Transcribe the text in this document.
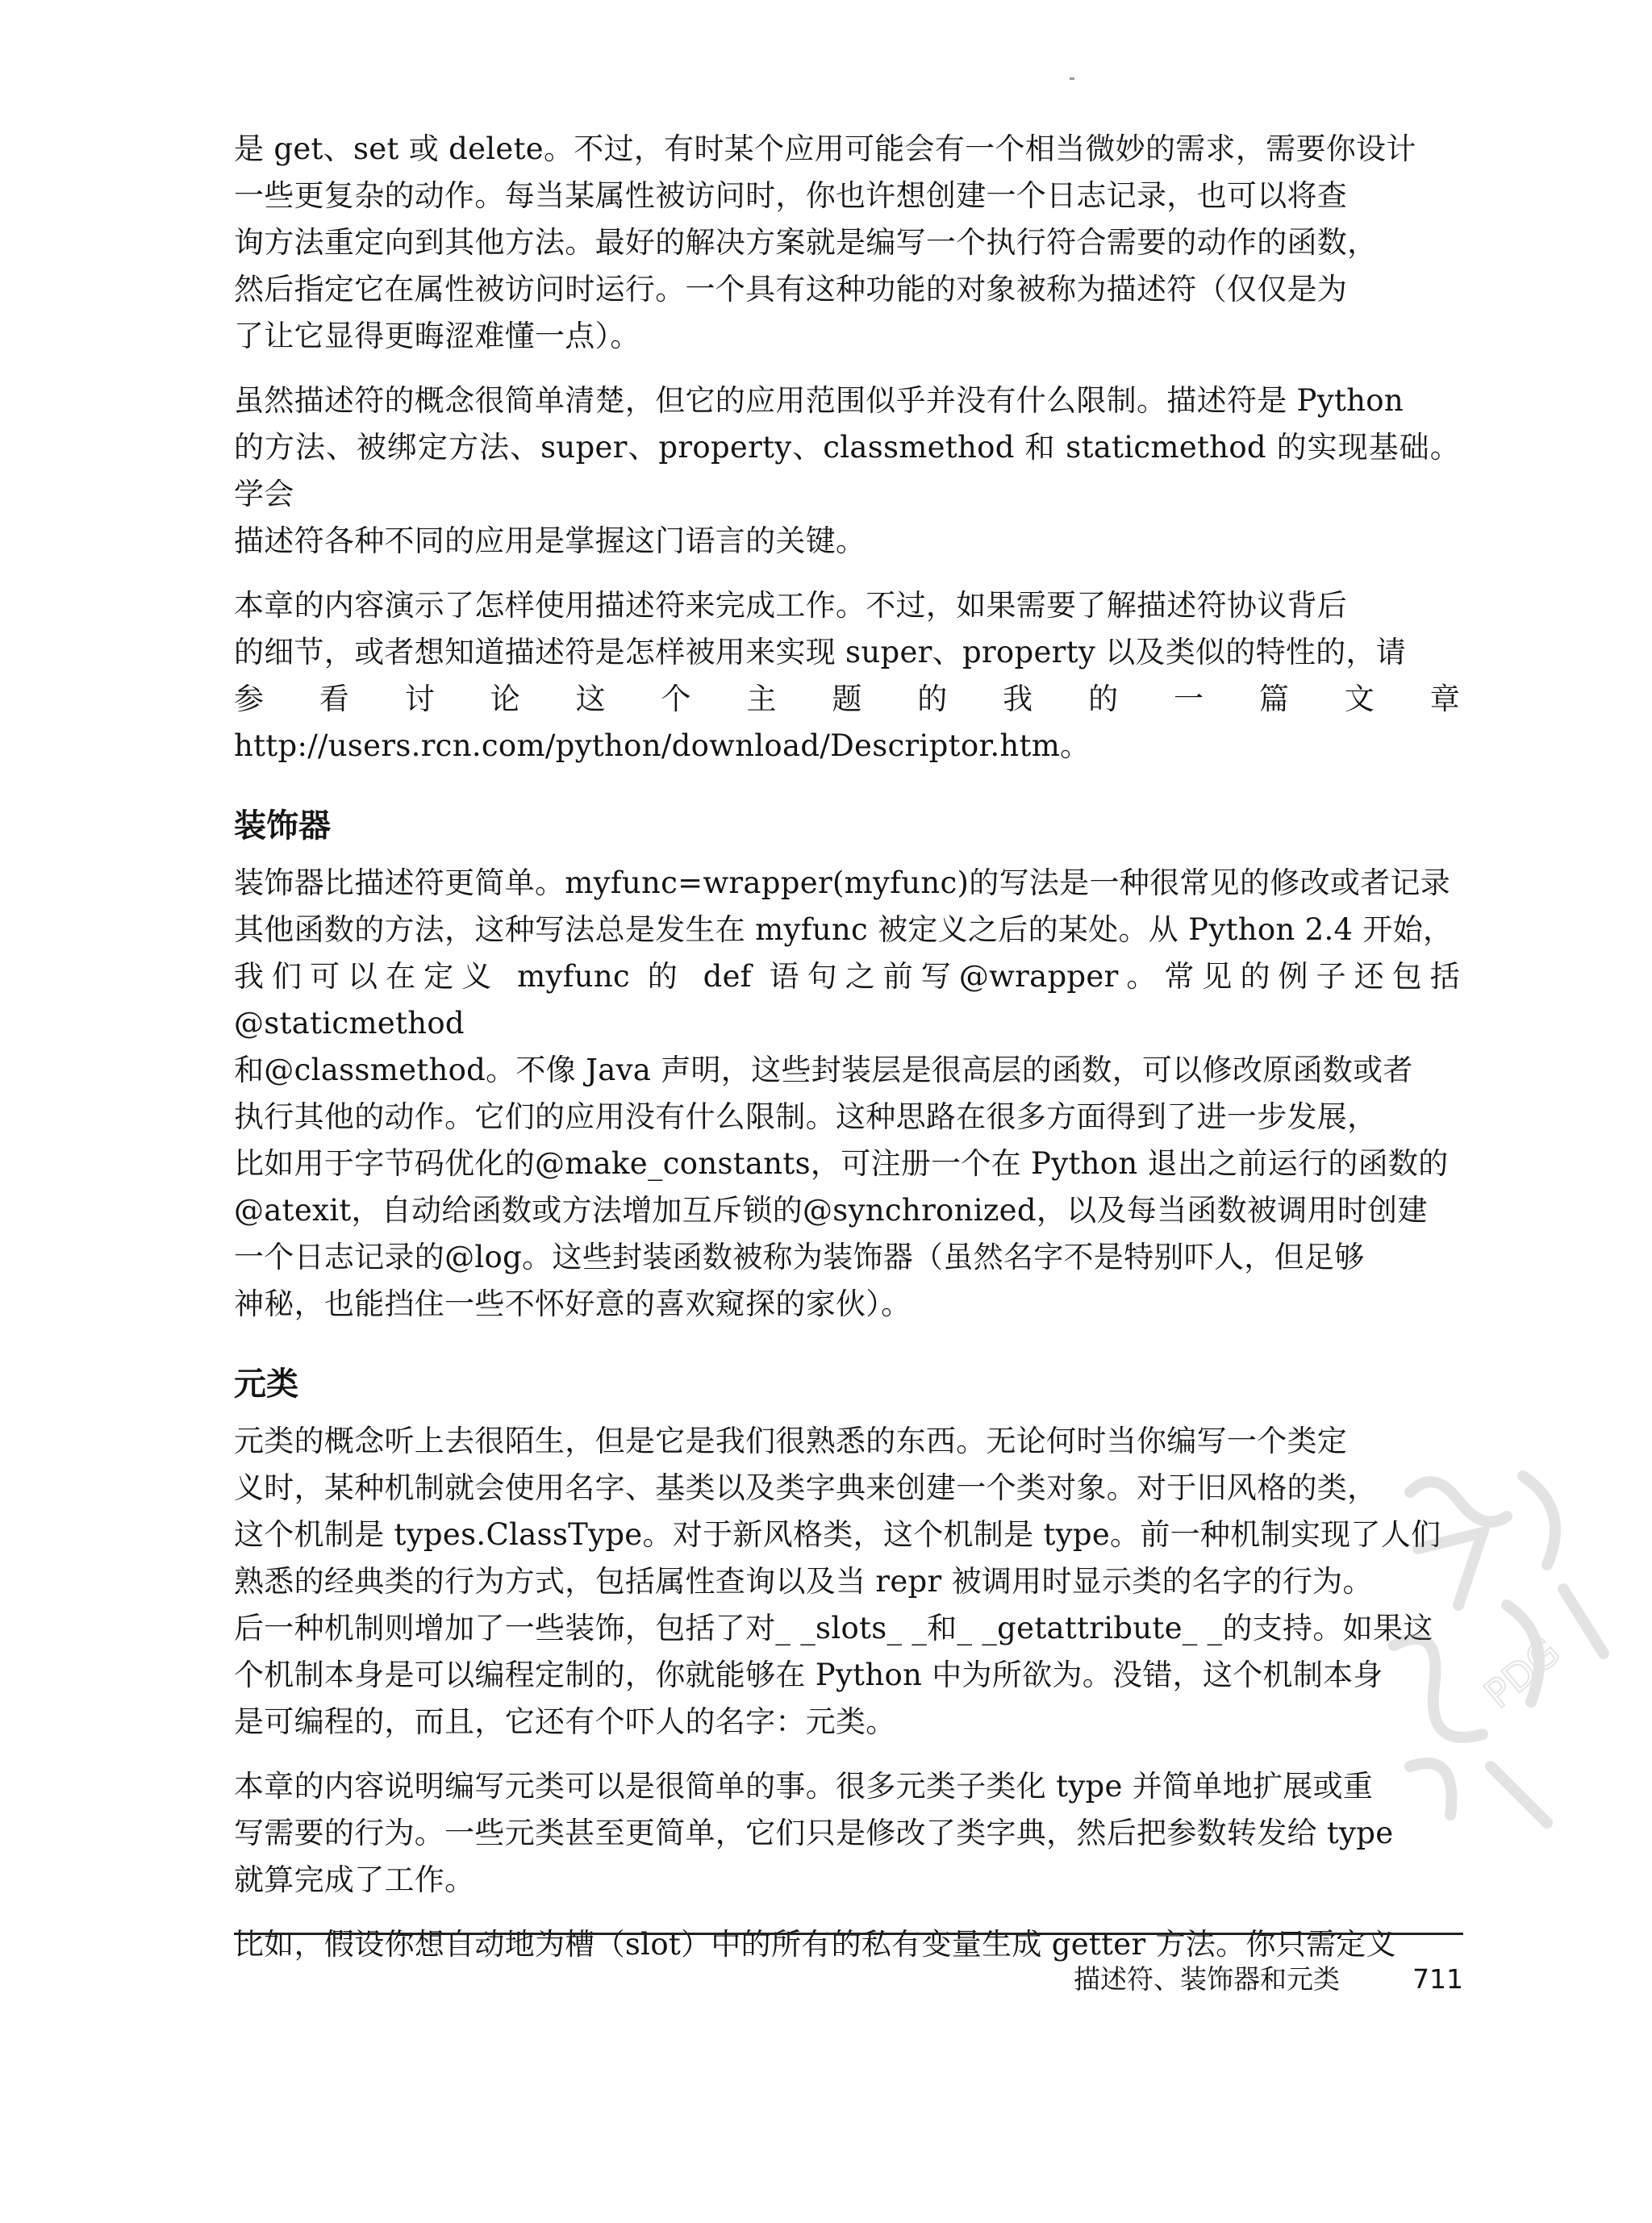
是 get、set 或 delete。不过，有时某个应用可能会有一个相当微妙的需求，需要你设计
一些更复杂的动作。每当某属性被访问时，你也许想创建一个日志记录，也可以将查
询方法重定向到其他方法。最好的解决方案就是编写一个执行符合需要的动作的函数，
然后指定它在属性被访问时运行。一个具有这种功能的对象被称为描述符（仅仅是为
了让它显得更晦涩难懂一点）。

虽然描述符的概念很简单清楚，但它的应用范围似乎并没有什么限制。描述符是 Python
的方法、被绑定方法、super、property、classmethod 和 staticmethod 的实现基础。学会
描述符各种不同的应用是掌握这门语言的关键。

本章的内容演示了怎样使用描述符来完成工作。不过，如果需要了解描述符协议背后
的细节，或者想知道描述符是怎样被用来实现 super、property 以及类似的特性的，请
参看讨论这个主题的我的一篇文章 http://users.rcn.com/python/download/Descriptor.htm。

装饰器

装饰器比描述符更简单。myfunc=wrapper(myfunc)的写法是一种很常见的修改或者记录
其他函数的方法，这种写法总是发生在 myfunc 被定义之后的某处。从 Python 2.4 开始，
我们可以在定义 myfunc 的 def 语句之前写@wrapper。常见的例子还包括@staticmethod
和@classmethod。不像 Java 声明，这些封装层是很高层的函数，可以修改原函数或者
执行其他的动作。它们的应用没有什么限制。这种思路在很多方面得到了进一步发展，
比如用于字节码优化的@make_constants，可注册一个在 Python 退出之前运行的函数的
@atexit，自动给函数或方法增加互斥锁的@synchronized，以及每当函数被调用时创建
一个日志记录的@log。这些封装函数被称为装饰器（虽然名字不是特别吓人，但足够
神秘，也能挡住一些不怀好意的喜欢窥探的家伙）。

元类

元类的概念听上去很陌生，但是它是我们很熟悉的东西。无论何时当你编写一个类定
义时，某种机制就会使用名字、基类以及类字典来创建一个类对象。对于旧风格的类，
这个机制是 types.ClassType。对于新风格类，这个机制是 type。前一种机制实现了人们
熟悉的经典类的行为方式，包括属性查询以及当 repr 被调用时显示类的名字的行为。
后一种机制则增加了一些装饰，包括了对_ _slots_ _和_ _getattribute_ _的支持。如果这
个机制本身是可以编程定制的，你就能够在 Python 中为所欲为。没错，这个机制本身
是可编程的，而且，它还有个吓人的名字：元类。

本章的内容说明编写元类可以是很简单的事。很多元类子类化 type 并简单地扩展或重
写需要的行为。一些元类甚至更简单，它们只是修改了类字典，然后把参数转发给 type
就算完成了工作。

比如，假设你想自动地为槽（slot）中的所有的私有变量生成 getter 方法。你只需定义

描述符、装饰器和元类	711
PDG
